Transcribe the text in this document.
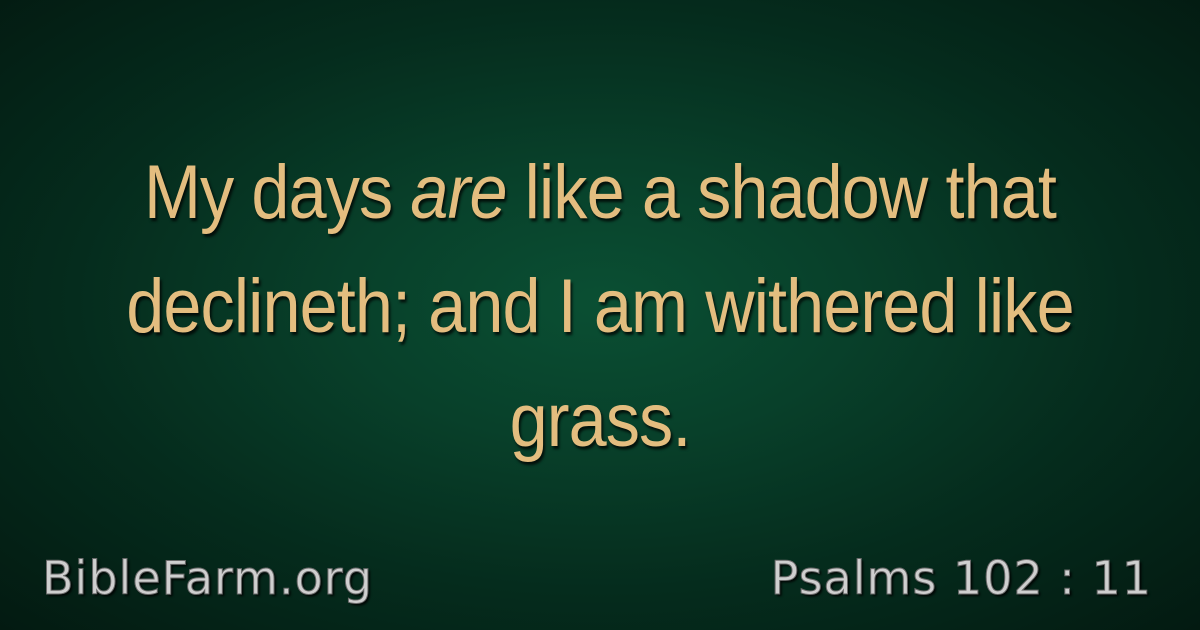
My days are like a shadow that declineth; and I am withered like grass.
BibleFarm.org	Psalms 102 : 11
